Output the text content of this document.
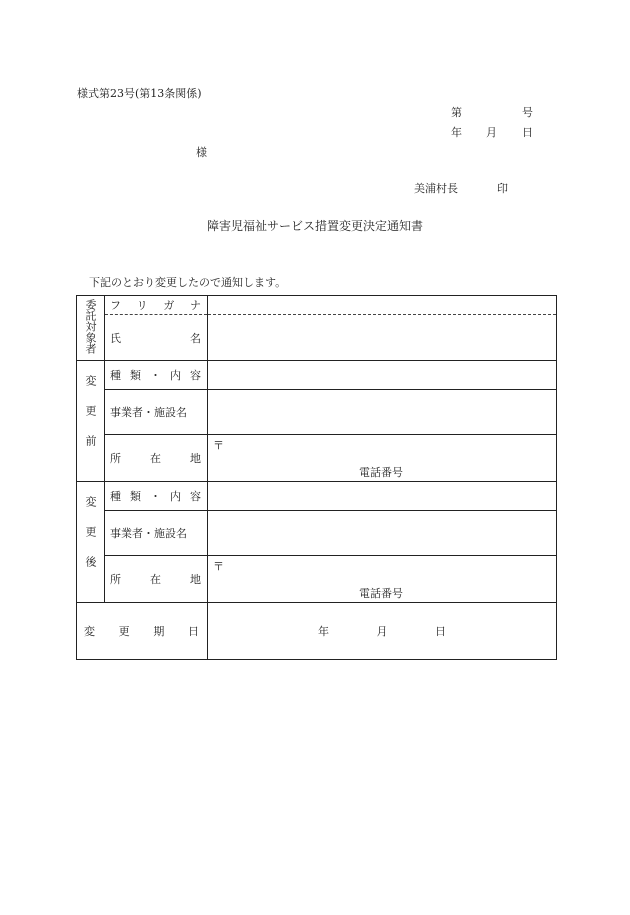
様式第23号(第13条関係)
第	号
年 月 日
様
美浦村長	印
障害児福祉サービス措置変更決定通知書
下記のとおり変更したので通知します。
委託対象者	フ リ ガ ナ	

	氏 名	

変更前	種 類 ・ 内 容	

	事業者・施設名	

	所 在 地	〒
電話番号

変更後	種 類 ・ 内 容	

	事業者・施設名	

	所 在 地	〒
電話番号

変 更 期 日		年 月 日
